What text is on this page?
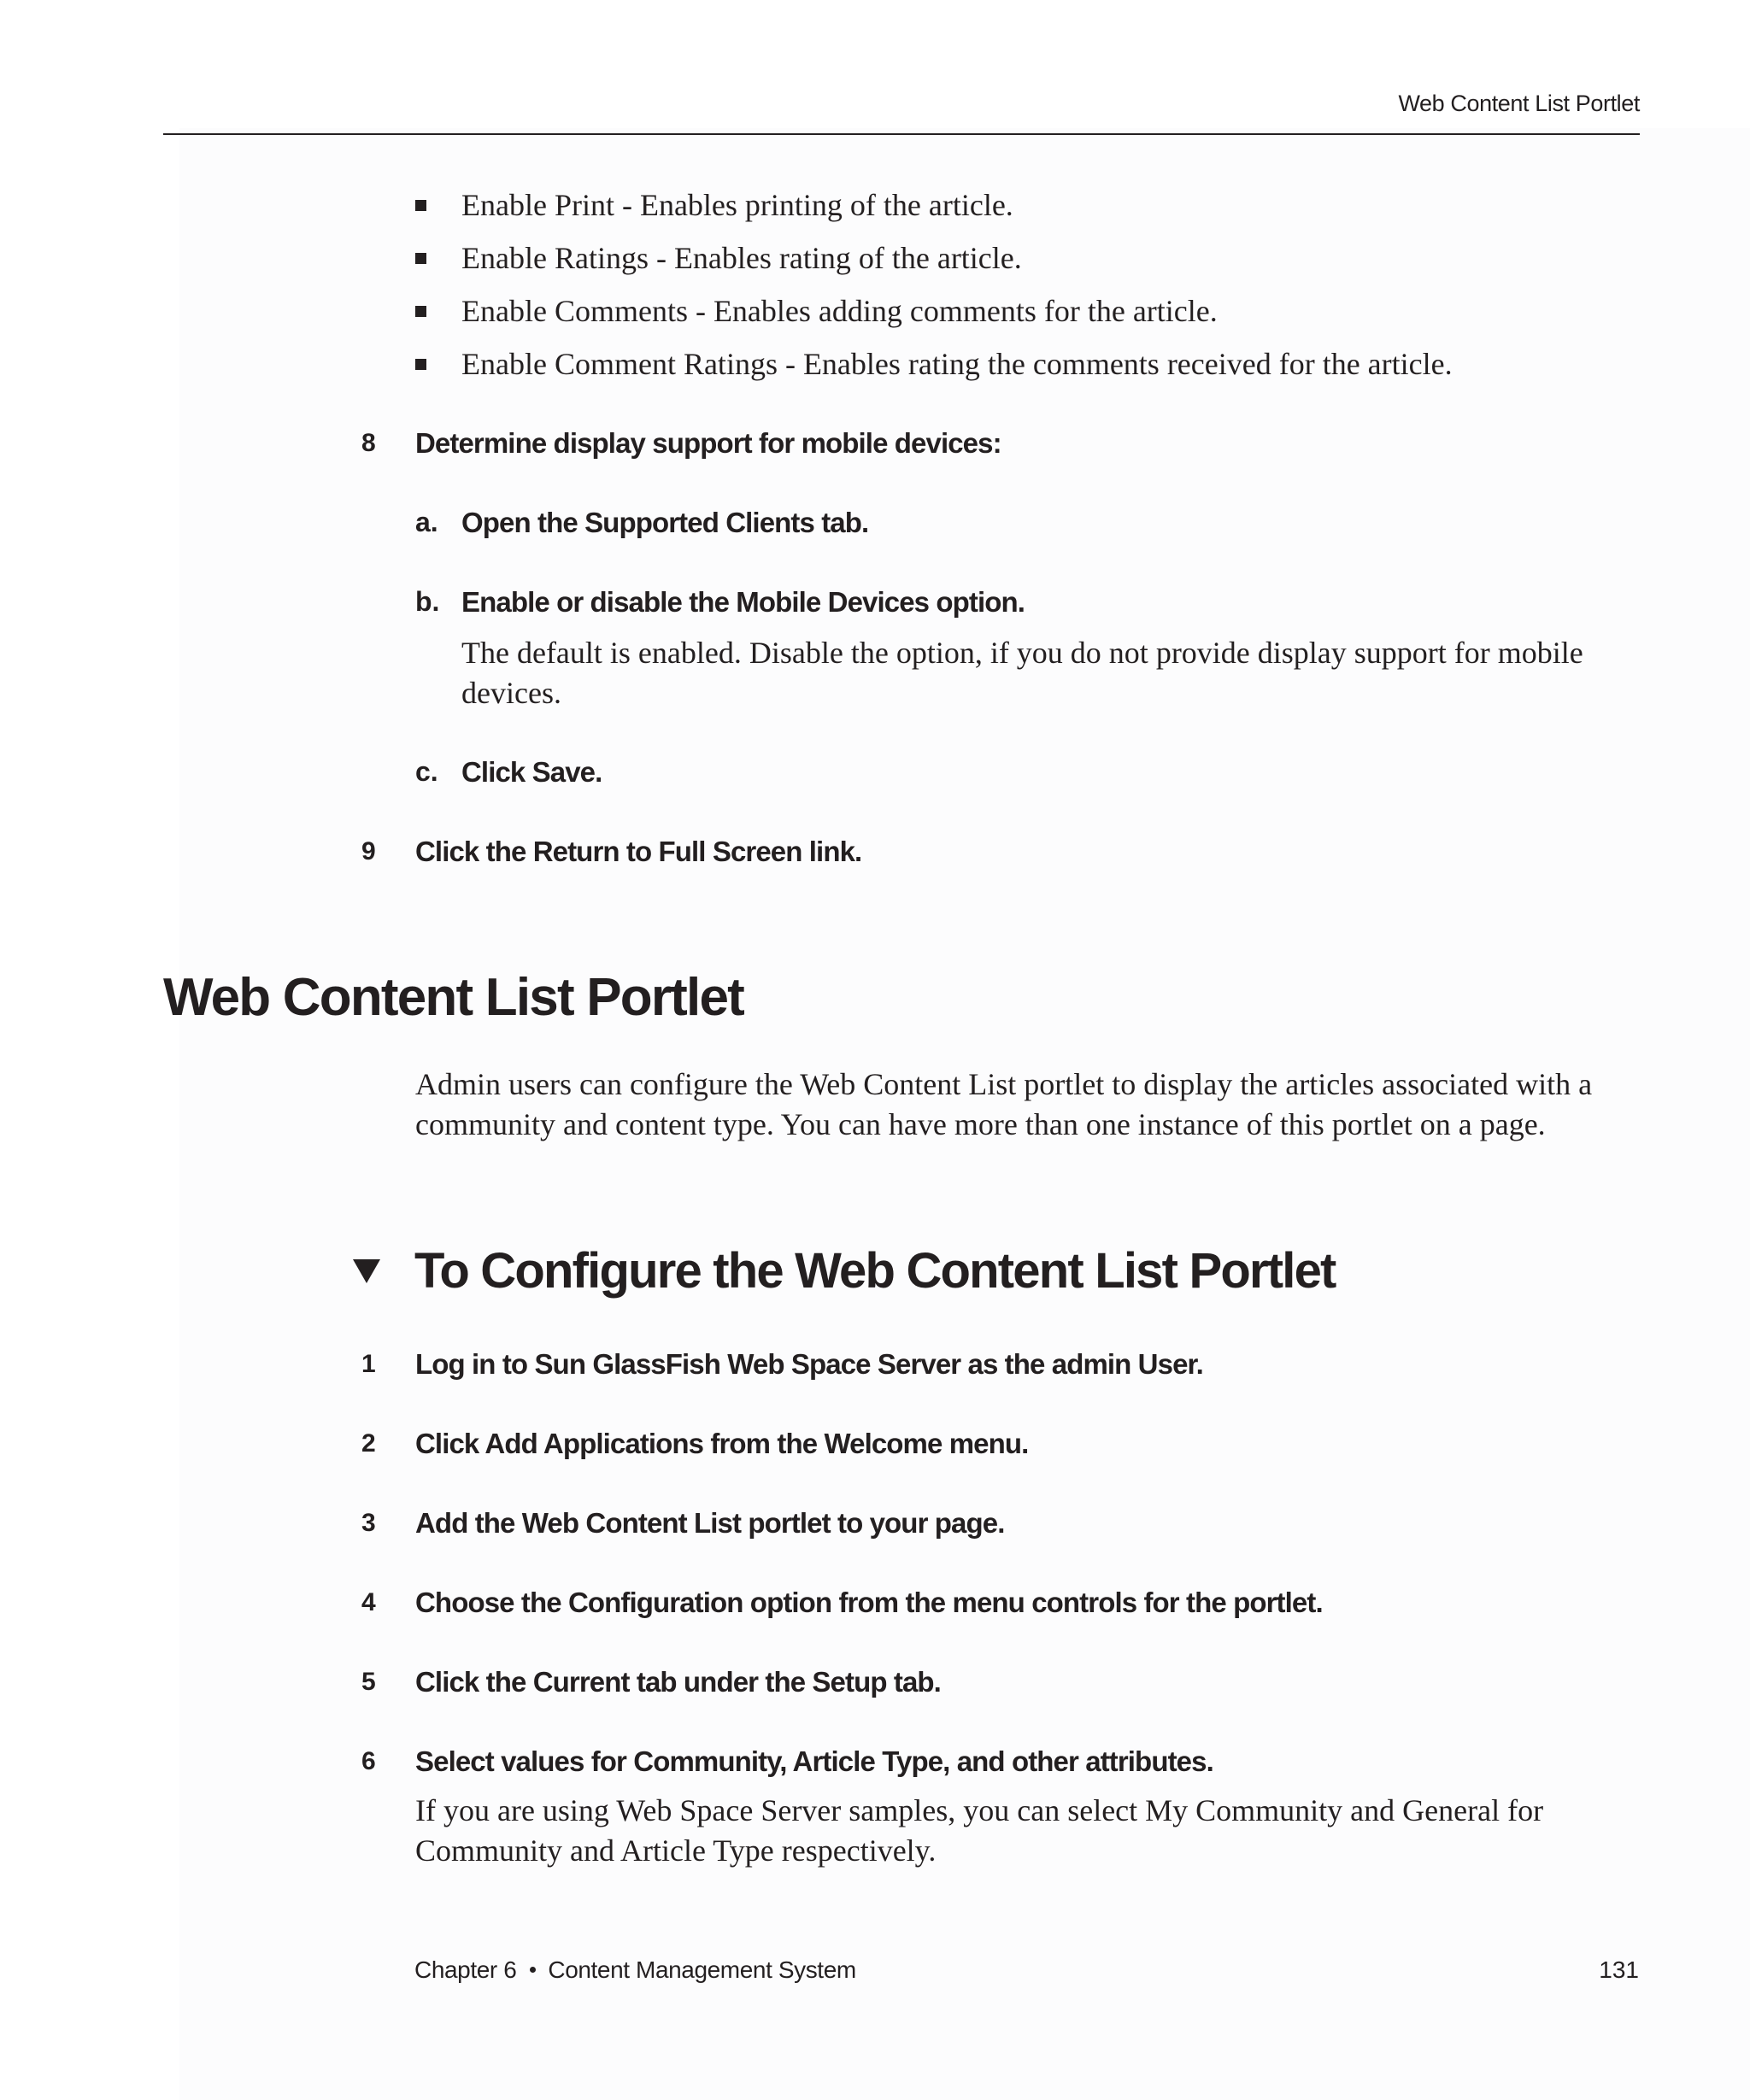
Web Content List Portlet
Enable Print - Enables printing of the article.
Enable Ratings - Enables rating of the article.
Enable Comments - Enables adding comments for the article.
Enable Comment Ratings - Enables rating the comments received for the article.
8 Determine display support for mobile devices:
a. Open the Supported Clients tab.
b. Enable or disable the Mobile Devices option.
The default is enabled. Disable the option, if you do not provide display support for mobile
devices.
c. Click Save.
9 Click the Return to Full Screen link.
Web Content List Portlet
Admin users can configure the Web Content List portlet to display the articles associated with a
community and content type. You can have more than one instance of this portlet on a page.
To Configure the Web Content List Portlet
1 Log in to Sun GlassFish Web Space Server as the admin User.
2 Click Add Applications from the Welcome menu.
3 Add the Web Content List portlet to your page.
4 Choose the Configuration option from the menu controls for the portlet.
5 Click the Current tab under the Setup tab.
6 Select values for Community, Article Type, and other attributes.
If you are using Web Space Server samples, you can select My Community and General for
Community and Article Type respectively.
Chapter 6 Content Management System	131
